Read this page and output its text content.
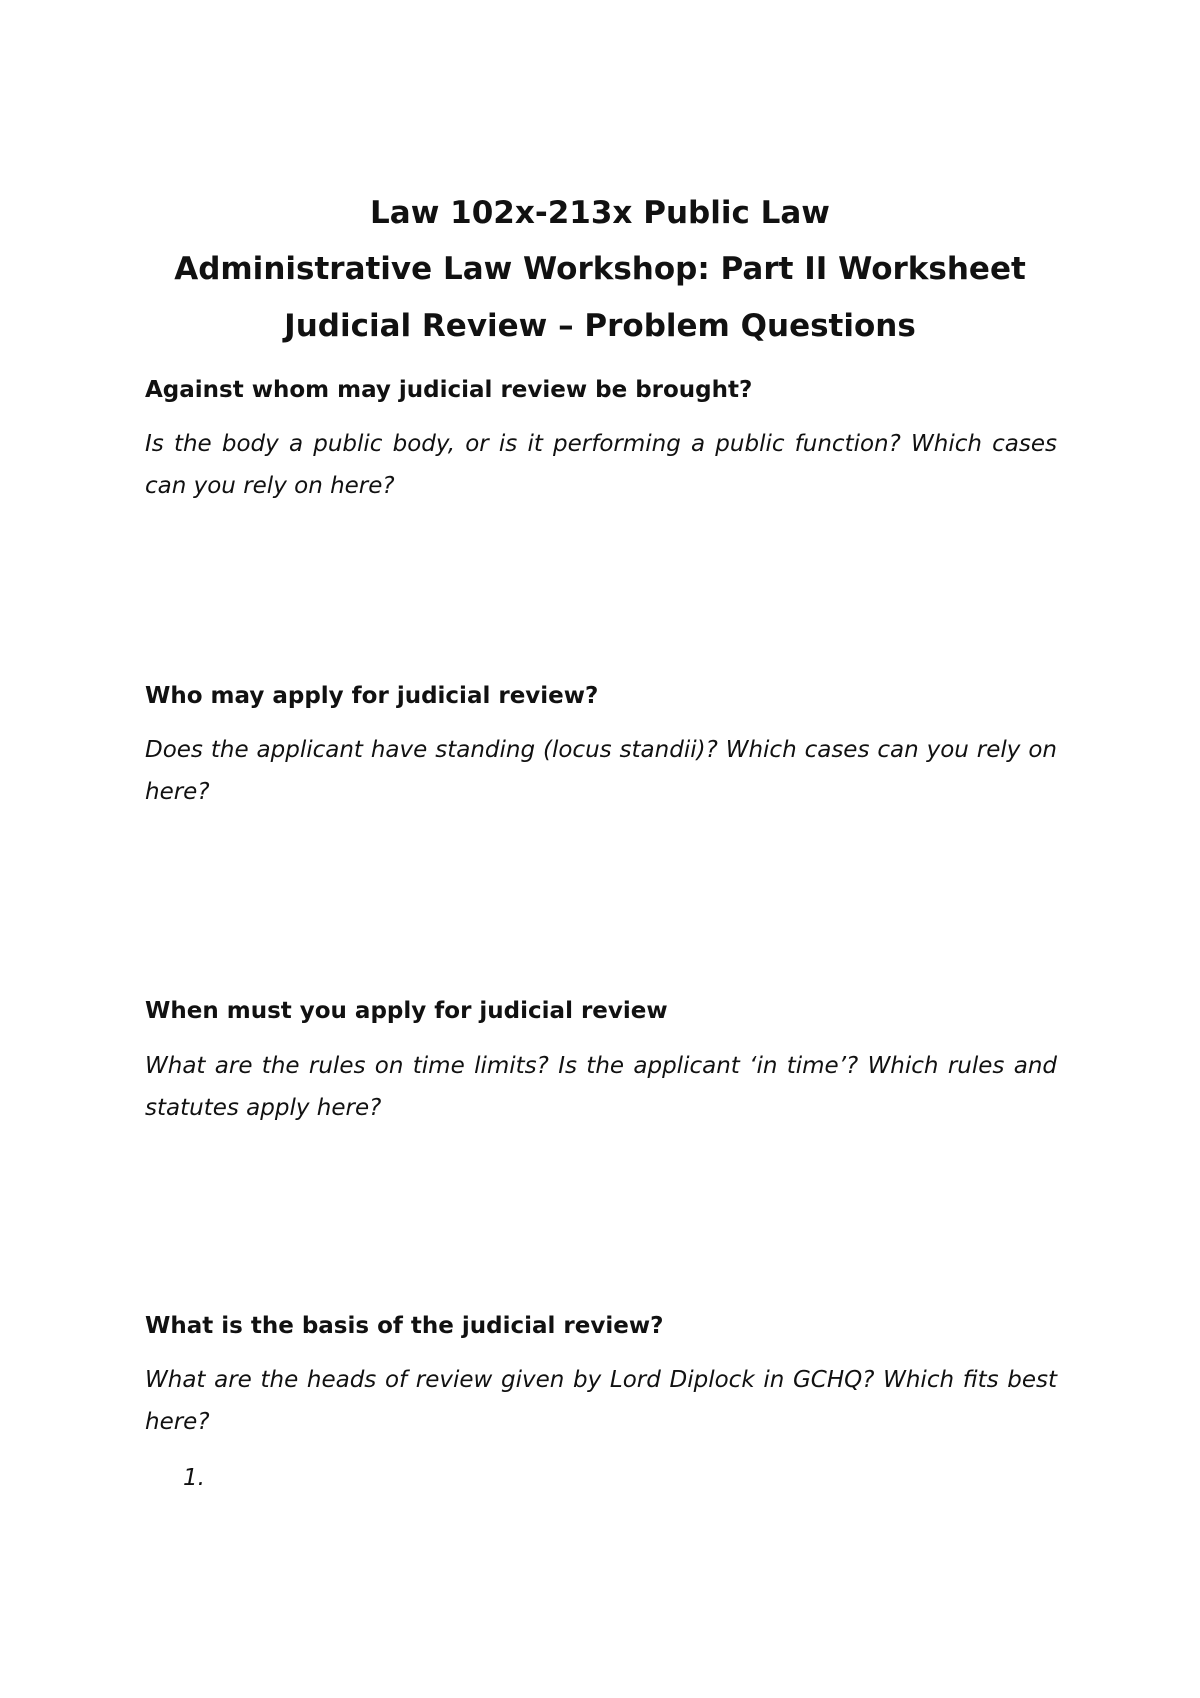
Law 102x-213x Public Law
Administrative Law Workshop: Part II Worksheet
Judicial Review – Problem Questions
Against whom may judicial review be brought?
Is the body a public body, or is it performing a public function? Which cases can you rely on here?
Who may apply for judicial review?
Does the applicant have standing (locus standii)? Which cases can you rely on here?
When must you apply for judicial review
What are the rules on time limits? Is the applicant ‘in time’? Which rules and statutes apply here?
What is the basis of the judicial review?
What are the heads of review given by Lord Diplock in GCHQ? Which fits best here?
1.
